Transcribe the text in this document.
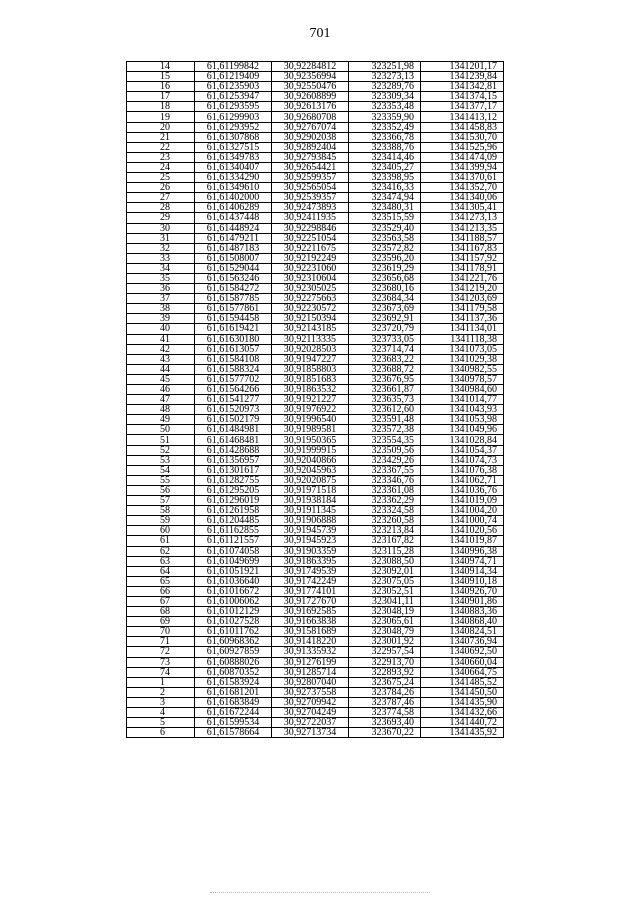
701
14	61,61199842	30,92284812	323251,98	1341201,17
15	61,61219409	30,92356994	323273,13	1341239,84
16	61,61235903	30,92550476	323289,76	1341342,81
17	61,61253947	30,92608899	323309,34	1341374,15
18	61,61293595	30,92613176	323353,48	1341377,17
19	61,61299903	30,92680708	323359,90	1341413,12
20	61,61293952	30,92767074	323352,49	1341458,83
21	61,61307868	30,92902038	323366,78	1341530,70
22	61,61327515	30,92892404	323388,76	1341525,96
23	61,61349783	30,92793845	323414,46	1341474,09
24	61,61340407	30,92654421	323405,27	1341399,94
25	61,61334290	30,92599357	323398,95	1341370,61
26	61,61349610	30,92565054	323416,33	1341352,70
27	61,61402000	30,92539357	323474,94	1341340,06
28	61,61406289	30,92473893	323480,31	1341305,41
29	61,61437448	30,92411935	323515,59	1341273,13
30	61,61448924	30,92298846	323529,40	1341213,35
31	61,61479211	30,92251054	323563,58	1341188,57
32	61,61487183	30,92211675	323572,82	1341167,83
33	61,61508007	30,92192249	323596,20	1341157,92
34	61,61529044	30,92231060	323619,29	1341178,91
35	61,61563246	30,92310604	323656,68	1341221,76
36	61,61584272	30,92305025	323680,16	1341219,20
37	61,61587785	30,92275663	323684,34	1341203,69
38	61,61577861	30,92230572	323673,69	1341179,58
39	61,61594458	30,92150394	323692,91	1341137,36
40	61,61619421	30,92143185	323720,79	1341134,01
41	61,61630180	30,92113335	323733,05	1341118,38
42	61,61613057	30,92028503	323714,74	1341073,05
43	61,61584108	30,91947227	323683,22	1341029,38
44	61,61588324	30,91858803	323688,72	1340982,55
45	61,61577702	30,91851683	323676,95	1340978,57
46	61,61564266	30,91863532	323661,87	1340984,60
47	61,61541277	30,91921227	323635,73	1341014,77
48	61,61520973	30,91976922	323612,60	1341043,93
49	61,61502179	30,91996540	323591,48	1341053,98
50	61,61484981	30,91989581	323572,38	1341049,96
51	61,61468481	30,91950365	323554,35	1341028,84
52	61,61428688	30,91999915	323509,56	1341054,37
53	61,61356957	30,92040866	323429,26	1341074,73
54	61,61301617	30,92045963	323367,55	1341076,38
55	61,61282755	30,92020875	323346,76	1341062,71
56	61,61295205	30,91971518	323361,08	1341036,76
57	61,61296019	30,91938184	323362,29	1341019,09
58	61,61261958	30,91911345	323324,58	1341004,20
59	61,61204485	30,91906888	323260,58	1341000,74
60	61,61162855	30,91945739	323213,84	1341020,56
61	61,61121557	30,91945923	323167,82	1341019,87
62	61,61074058	30,91903359	323115,28	1340996,38
63	61,61049699	30,91863395	323088,50	1340974,71
64	61,61051921	30,91749539	323092,01	1340914,34
65	61,61036640	30,91742249	323075,05	1340910,18
66	61,61016672	30,91774101	323052,51	1340926,70
67	61,61006062	30,91727670	323041,11	1340901,86
68	61,61012129	30,91692585	323048,19	1340883,36
69	61,61027528	30,91663838	323065,61	1340868,40
70	61,61011762	30,91581689	323048,79	1340824,51
71	61,60968362	30,91418220	323001,92	1340736,94
72	61,60927859	30,91335932	322957,54	1340692,50
73	61,60888026	30,91276199	322913,70	1340660,04
74	61,60870352	30,91285714	322893,92	1340664,75
1	61,61583924	30,92807040	323675,24	1341485,52
2	61,61681201	30,92737558	323784,26	1341450,50
3	61,61683849	30,92709942	323787,46	1341435,90
4	61,61672244	30,92704249	323774,58	1341432,66
5	61,61599534	30,92722037	323693,40	1341440,72
6	61,61578664	30,92713734	323670,22	1341435,92
